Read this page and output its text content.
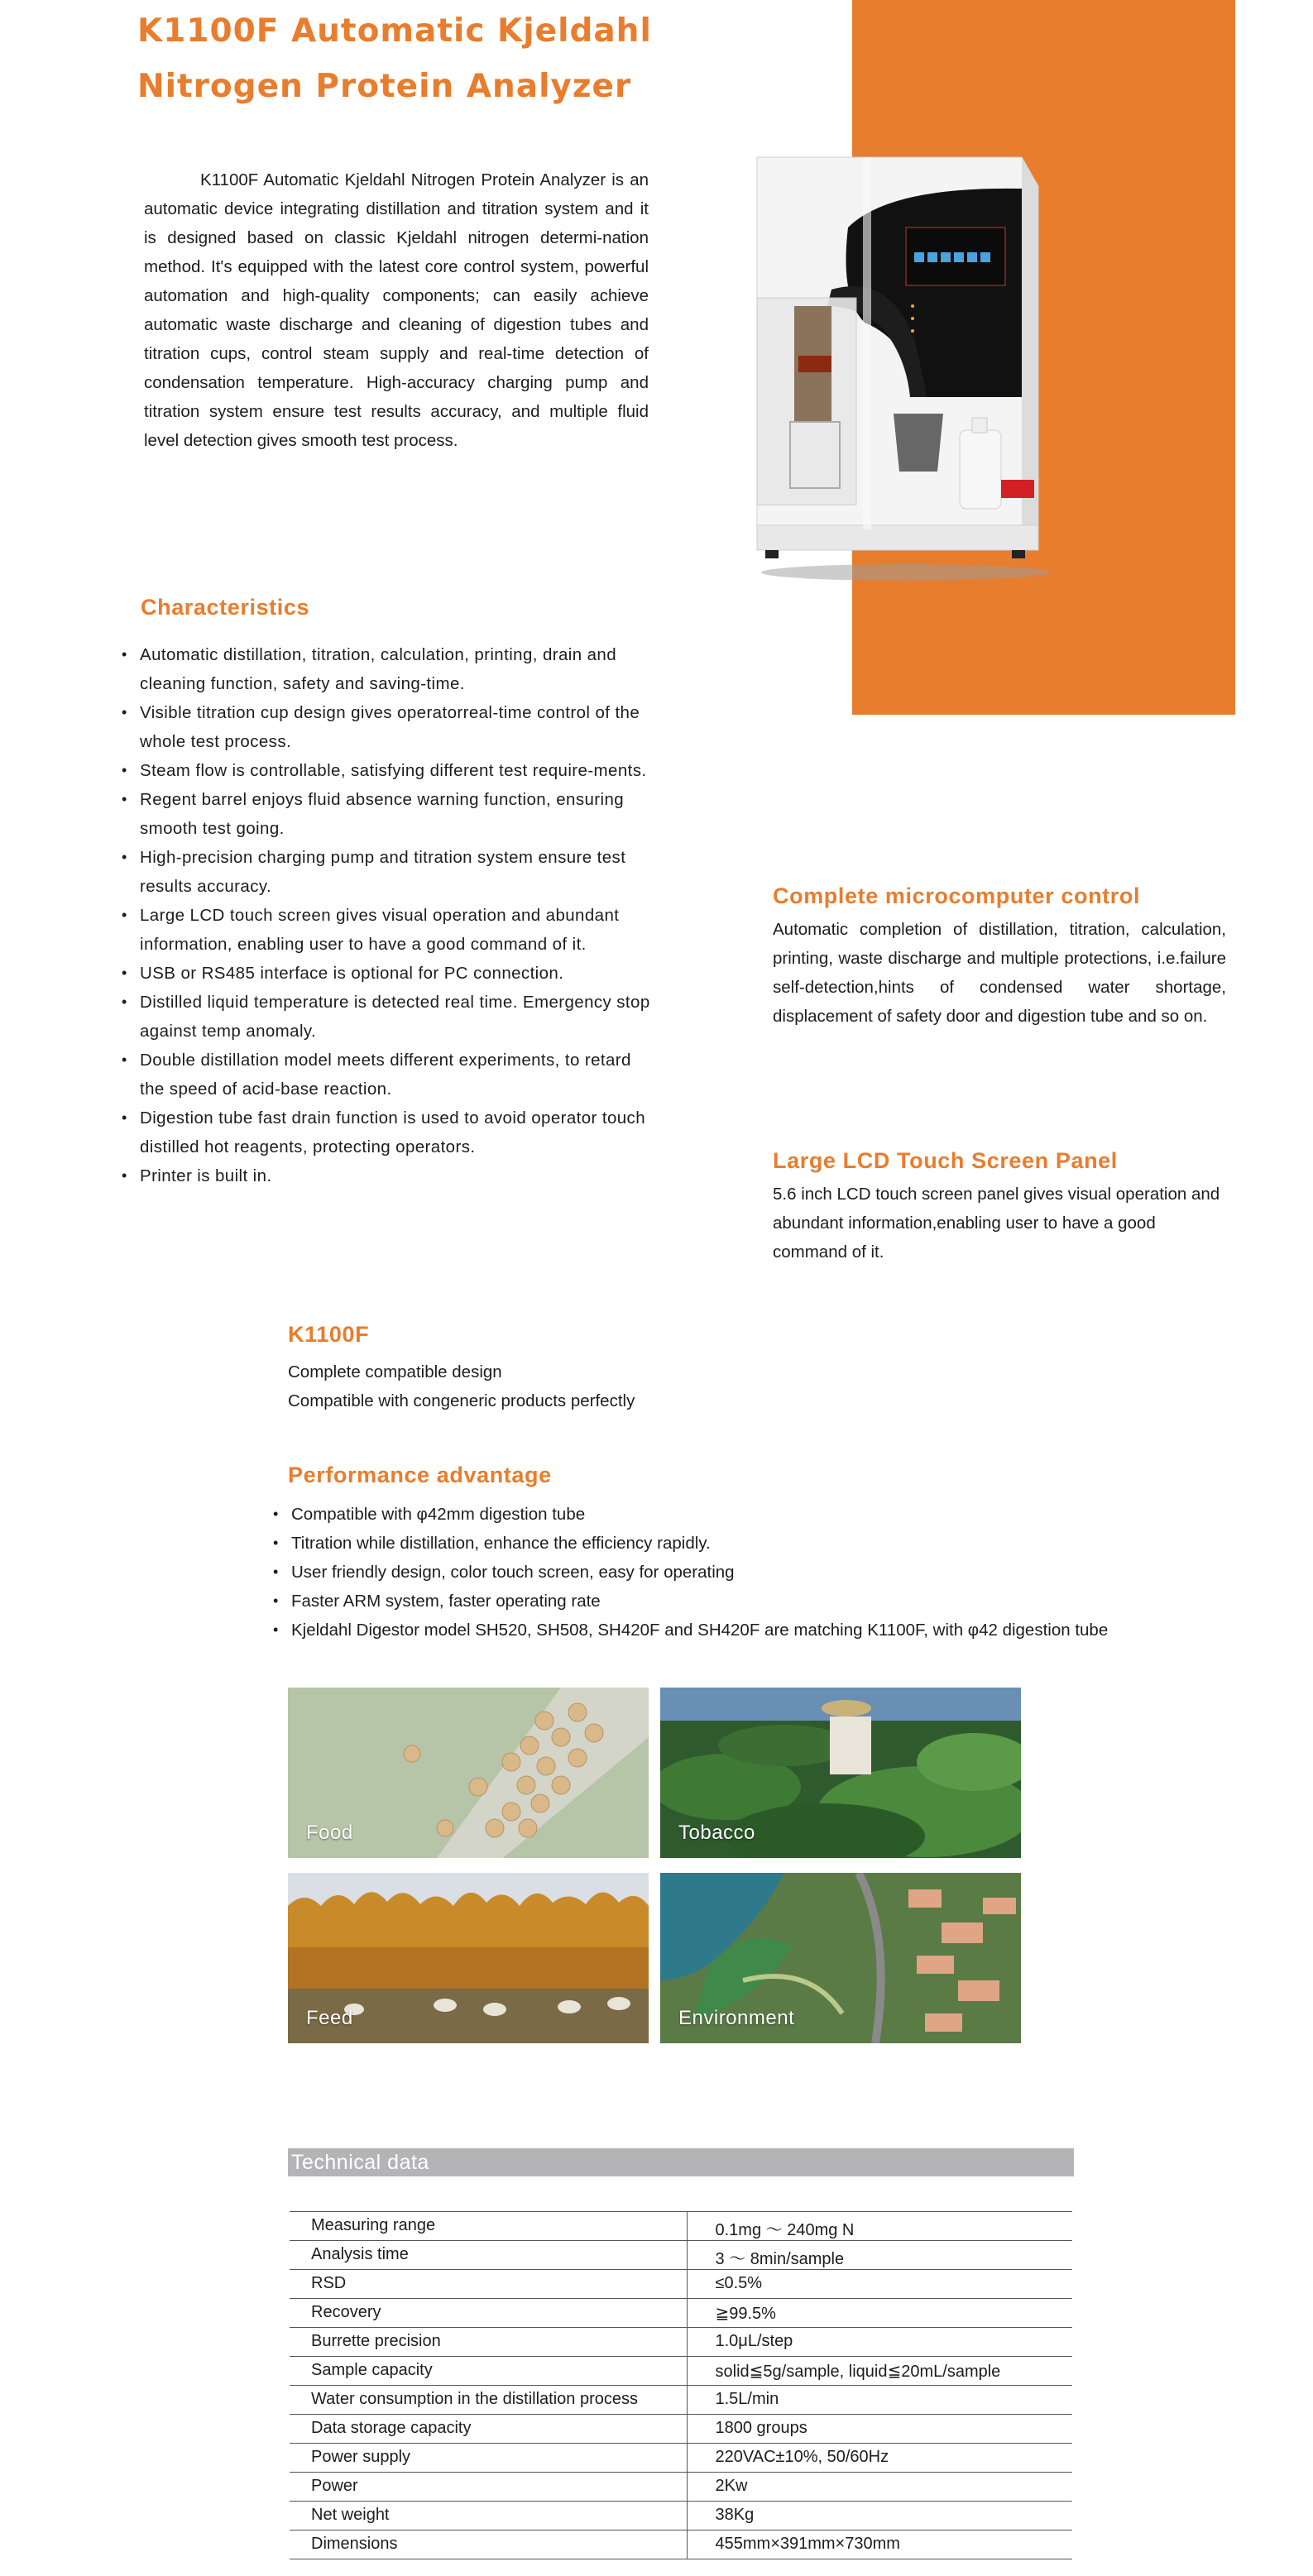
K1100F Automatic Kjeldahl
Nitrogen Protein Analyzer

K1100F Automatic Kjeldahl Nitrogen Protein Analyzer is an automatic device integrating distillation and titration system and it is designed based on classic Kjeldahl nitrogen determi-nation method. It's equipped with the latest core control system, powerful automation and high-quality components; can easily achieve automatic waste discharge and cleaning of digestion tubes and titration cups, control steam supply and real-time detection of condensation temperature. High-accuracy charging pump and titration system ensure test results accuracy, and multiple fluid level detection gives smooth test process.

Characteristics
• Automatic distillation, titration, calculation, printing, drain and cleaning function, safety and saving-time.
• Visible titration cup design gives operatorreal-time control of the whole test process.
• Steam flow is controllable, satisfying different test require-ments.
• Regent barrel enjoys fluid absence warning function, ensuring smooth test going.
• High-precision charging pump and titration system ensure test results accuracy.
• Large LCD touch screen gives visual operation and abundant information, enabling user to have a good command of it.
• USB or RS485 interface is optional for PC connection.
• Distilled liquid temperature is detected real time. Emergency stop against temp anomaly.
• Double distillation model meets different experiments, to retard the speed of acid-base reaction.
• Digestion tube fast drain function is used to avoid operator touch distilled hot reagents, protecting operators.
• Printer is built in.
Complete microcomputer control

Automatic completion of distillation, titration, calculation, printing, waste discharge and multiple protections, i.e.failure self-detection,hints of condensed water shortage, displacement of safety door and digestion tube and so on.

Large LCD Touch Screen Panel

5.6 inch LCD touch screen panel gives visual operation and abundant information,enabling user to have a good command of it.

K1100F

Complete compatible design

Compatible with congeneric products perfectly

Performance advantage
• Compatible with φ42mm digestion tube
• Titration while distillation, enhance the efficiency rapidly.
• User friendly design, color touch screen, easy for operating
• Faster ARM system, faster operating rate
• Kjeldahl Digestor model SH520, SH508, SH420F and SH420F are matching K1100F, with φ42 digestion tube
Food	Tobacco
Feed	Environment
Technical data
Measuring range	0.1mg ～ 240mg N
Analysis time	3 ～ 8min/sample
RSD	≤0.5%
Recovery	≧99.5%
Burrette precision	1.0μL/step
Sample capacity	solid≦5g/sample, liquid≦20mL/sample
Water consumption in the distillation process	1.5L/min
Data storage capacity	1800 groups
Power supply	220VAC±10%, 50/60Hz
Power	2Kw
Net weight	38Kg
Dimensions	455mm×391mm×730mm
